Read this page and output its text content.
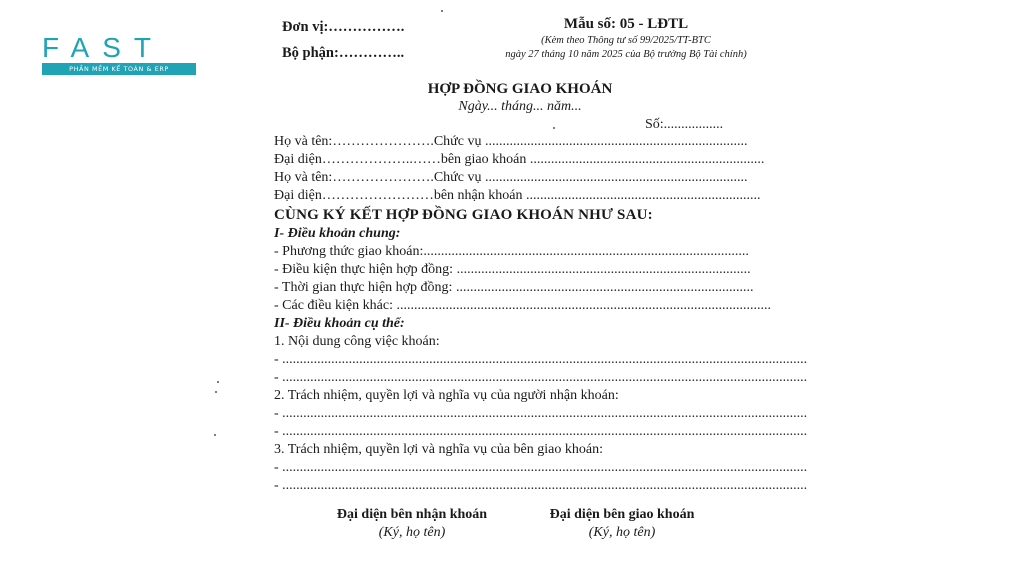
FAST
PHẦN MỀM KẾ TOÁN & ERP
Đơn vị:…………….
Bộ phận:…………..
Mẫu số: 05 - LĐTL
(Kèm theo Thông tư số 99/2025/TT-BTC
ngày 27 tháng 10 năm 2025 của Bộ trưởng Bộ Tài chính)
HỢP ĐỒNG GIAO KHOÁN
Ngày... tháng... năm...
Số:.................
Họ và tên:…………………. Chức vụ ...........................................................................
Đại diện………………..…… bên giao khoán ...................................................................
Họ và tên:…………………. Chức vụ ...........................................................................
Đại diện…………………… bên nhận khoán ...................................................................
CÙNG KÝ KẾT HỢP ĐỒNG GIAO KHOÁN NHƯ SAU:
I- Điều khoản chung:
- Phương thức giao khoán:.............................................................................................
- Điều kiện thực hiện hợp đồng: ....................................................................................
- Thời gian thực hiện hợp đồng: .....................................................................................
- Các điều kiện khác: ...........................................................................................................
II- Điều khoản cụ thể:
1. Nội dung công việc khoán:
- ......................................................................................................................................................
- ......................................................................................................................................................
2. Trách nhiệm, quyền lợi và nghĩa vụ của người nhận khoán:
- ......................................................................................................................................................
- ......................................................................................................................................................
3. Trách nhiệm, quyền lợi và nghĩa vụ của bên giao khoán:
- ......................................................................................................................................................
- ......................................................................................................................................................
Đại diện bên nhận khoán
(Ký, họ tên)
Đại diện bên giao khoán
(Ký, họ tên)
